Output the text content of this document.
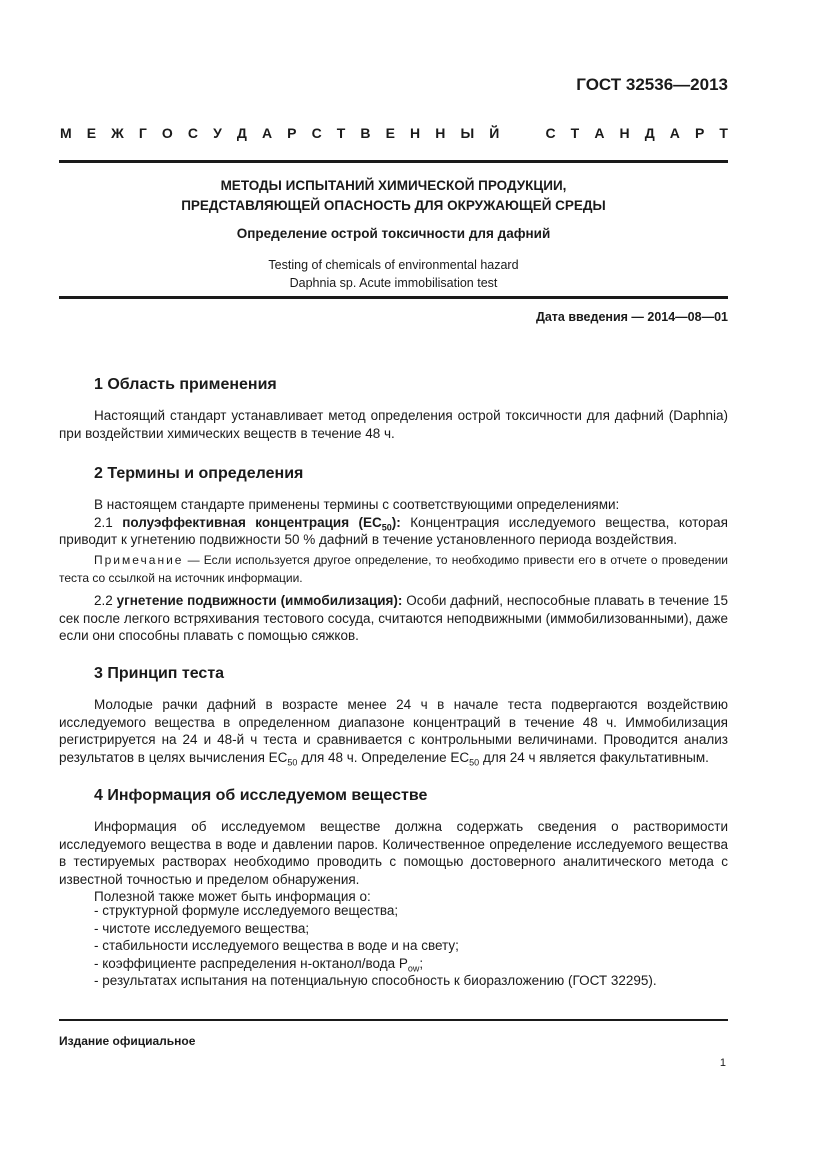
ГОСТ 32536—2013
М Е Ж Г О С У Д А Р С Т В Е Н Н Ы Й	С Т А Н Д А Р Т
МЕТОДЫ ИСПЫТАНИЙ ХИМИЧЕСКОЙ ПРОДУКЦИИ,
ПРЕДСТАВЛЯЮЩЕЙ ОПАСНОСТЬ ДЛЯ ОКРУЖАЮЩЕЙ СРЕДЫ
Определение острой токсичности для дафний
Testing of chemicals of environmental hazard
Daphnia sp. Acute immobilisation test
Дата введения — 2014—08—01
1 Область применения

Настоящий стандарт устанавливает метод определения острой токсичности для дафний (Daphnia) при воздействии химических веществ в течение 48 ч.

2 Термины и определения

В настоящем стандарте применены термины с соответствующими определениями:

2.1 полуэффективная концентрация $(EC_{50})$: Концентрация исследуемого вещества, которая приводит к угнетению подвижности 50 % дафний в течение установленного периода воздействия.

Примечание — Если используется другое определение, то необходимо привести его в отчете о проведении теста со ссылкой на источник информации.

2.2 угнетение подвижности (иммобилизация): Особи дафний, неспособные плавать в течение 15 сек после легкого встряхивания тестового сосуда, считаются неподвижными (иммобилизованными), даже если они способны плавать с помощью сяжков.

3 Принцип теста

Молодые рачки дафний в возрасте менее 24 ч в начале теста подвергаются воздействию исследуемого вещества в определенном диапазоне концентраций в течение 48 ч. Иммобилизация регистрируется на 24 и 48-й ч теста и сравнивается с контрольными величинами. Проводится анализ результатов в целях вычисления $EC_{50}$ для 48 ч. Определение $EC_{50}$ для 24 ч является факультативным.

4 Информация об исследуемом веществе

Информация об исследуемом веществе должна содержать сведения о растворимости исследуемого вещества в воде и давлении паров. Количественное определение исследуемого вещества в тестируемых растворах необходимо проводить с помощью достоверного аналитического метода с известной точностью и пределом обнаружения.

Полезной также может быть информация о:

- структурной формуле исследуемого вещества;
- чистоте исследуемого вещества;
- стабильности исследуемого вещества в воде и на свету;
- коэффициенте распределения н-октанол/вода $P_{ow}$;
- результатах испытания на потенциальную способность к биоразложению (ГОСТ 32295).
Издание официальное
1
